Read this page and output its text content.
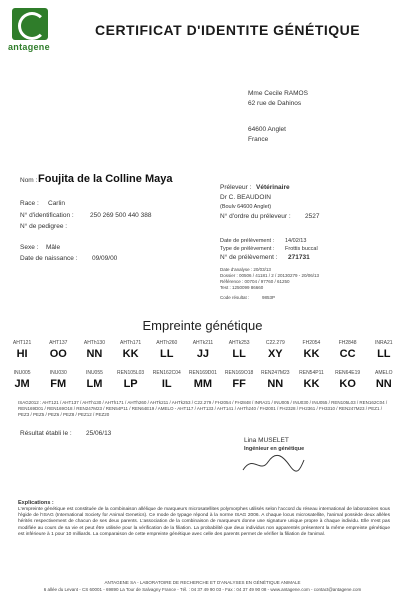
antagene
CERTIFICAT D'IDENTITE GÉNÉTIQUE
Mme Cecile RAMOS
62 rue de Dahinos
64600 Anglet
France
Nom : Foujita de la Colline Maya
Race : Carlin
N° d'identification :	250 269 500 440 388
N° de pedigree :
Sexe : Mâle
Date de naissance : 09/09/00
Préleveur : Vétérinaire
Dr C. BEAUDOIN
(Boulv 64600 Anglet)
N° d'ordre du préleveur : 2527
Date de prélèvement : 14/02/13
Type de prélèvement : Frottis buccal
N° de prélèvement : 271731
Date d'analyse : 20/03/13
Dossier : 00506 / 41181 / 2 / 20130279 - 20/06/13
Référence : 00704 / 97760 / 61250
Test : 1250099 86660
Code résultat :	9853P
Empreinte génétique
AHT121
HI
AHT137
OO
AHTh130
NN
AHTh171
KK
AHTh260
LL
AHTk211
JJ
AHTk253
LL
C22.279
XY
FH2054
KK
FH2848
CC
INRA21
LL
INU005
JM
INU030
FM
INU055
LM
REN105L03
LP
REN162C04
IL
REN169D01
MM
REN169O18
FF
REN247M23
NN
REN54P11
KK
REN64E19
KO
AMELO
NN
ISAG2012 : AHT121 / AHT137 / AHTh130 / AHTh171 / AHTh260 / AHTk211 / AHTk253 / C22.279 / FH2054 / FH2848 / INRA21 / INU005 / INU030 / INU055 / REN105L03 / REN162C04 / REN169D01 / REN169O18 / REN247M23 / REN54P11 / REN64E19 / AMELO - AHT117 / AHT133 / AHT141 / AHTh240 / FH2001 / FH2328 / FH2361 / FH3310 / REN247M23 / PEZ1 / PEZ3 / PEZ5 / PEZ6 / PEZ8 / PEZ12 / PEZ20
Résultat établi le : 25/06/13
Lina MUSELET
Ingénieur en génétique
Explications :
L'empreinte génétique est constituée de la combinaison allélique de marqueurs microsatellites polymorphes utilisés selon l'accord du réseau international de laboratoires sous l'égide de l'ISAG (International Society for Animal Genetics). Ce mode de typage répond à la norme ISAG 2006. A chaque locus microsatellite, l'animal possède deux allèles hérités respectivement de chacun de ses deux parents. L'association de la combinaison de marqueurs donne une signature unique propre à chaque individu. Elle n'est pas modifiée au cours de sa vie et peut être utilisée pour la vérification de la filiation. La probabilité que deux individus non apparentés présentent la même empreinte génétique est inférieure à 1 pour 10 milliards. La comparaison de cette empreinte génétique avec celle des parents permet de vérifier la filiation de l'animal.
ANTAGENE SA - LABORATOIRE DE RECHERCHE ET D'ANALYSES EN GÉNÉTIQUE ANIMALE
6 allée du Levant - CS 60001 - 69890 La Tour de Salvagny France - Tél. : 04 37 49 90 03 - Fax : 04 37 49 90 08 - www.antagene.com - contact@antagene.com
